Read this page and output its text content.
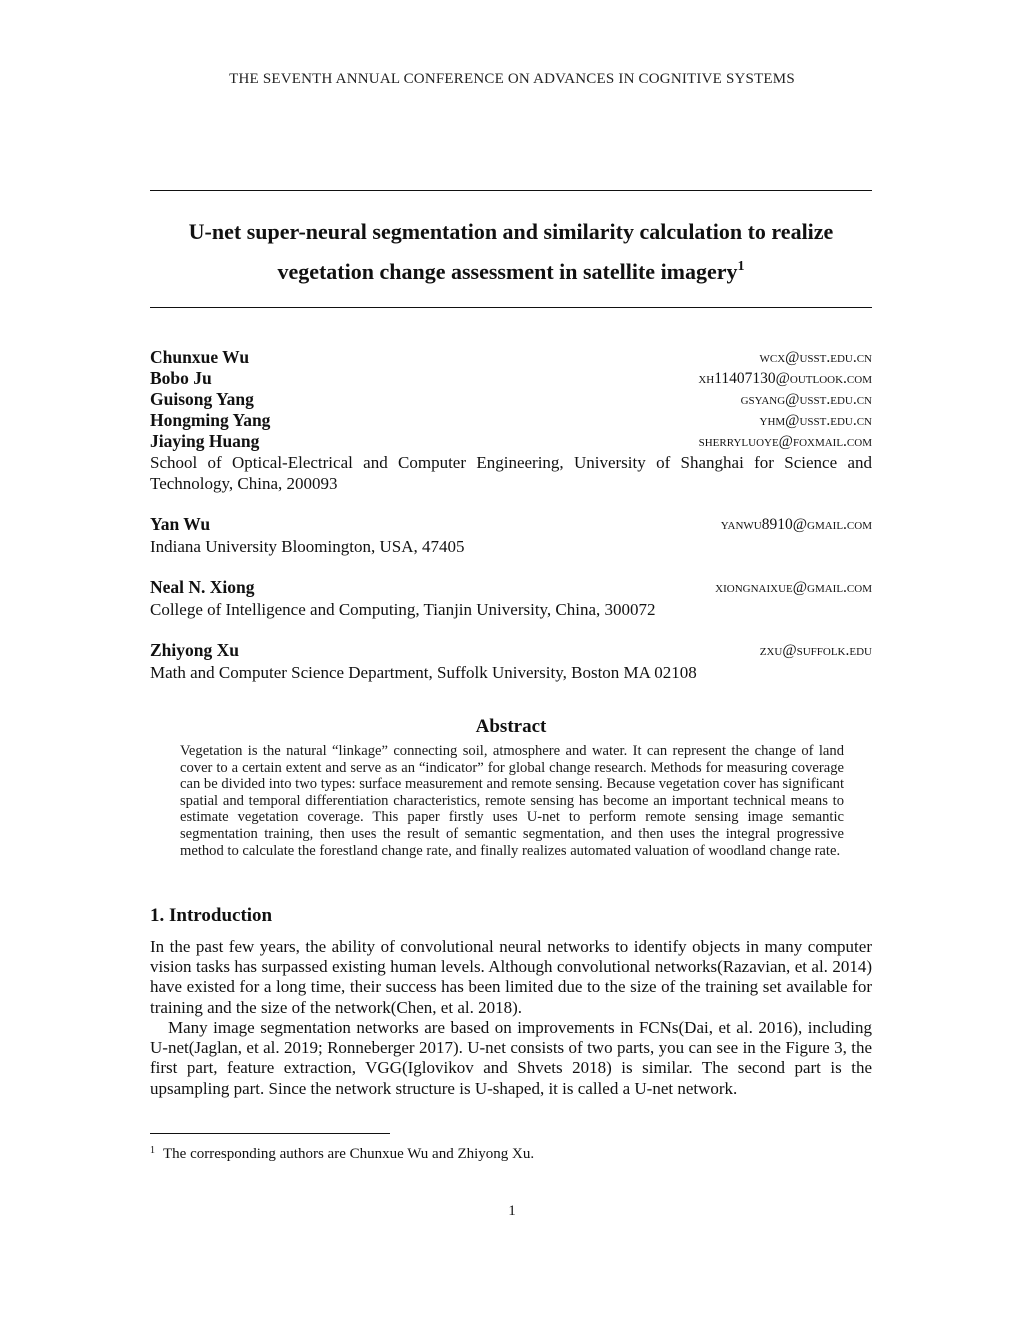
THE SEVENTH ANNUAL CONFERENCE ON ADVANCES IN COGNITIVE SYSTEMS
U-net super-neural segmentation and similarity calculation to realize
vegetation change assessment in satellite imagery$^1$
Chunxue Wu	wcx@usst.edu.cn
Bobo Ju	xh11407130@outlook.com
Guisong Yang	gsyang@usst.edu.cn
Hongming Yang	yhm@usst.edu.cn
Jiaying Huang	sherryluoye@foxmail.com
School of Optical-Electrical and Computer Engineering, University of Shanghai for Science and Technology, China, 200093
Yan Wu	yanwu8910@gmail.com
Indiana University Bloomington, USA, 47405
Neal N. Xiong	xiongnaixue@gmail.com
College of Intelligence and Computing, Tianjin University, China, 300072
Zhiyong Xu	zxu@suffolk.edu
Math and Computer Science Department, Suffolk University, Boston MA 02108
Abstract
Vegetation is the natural “linkage” connecting soil, atmosphere and water. It can represent the change of land cover to a certain extent and serve as an “indicator” for global change research. Methods for measuring coverage can be divided into two types: surface measurement and remote sensing. Because vegetation cover has significant spatial and temporal differentiation characteristics, remote sensing has become an important technical means to estimate vegetation coverage. This paper firstly uses U-net to perform remote sensing image semantic segmentation training, then uses the result of semantic segmentation, and then uses the integral progressive method to calculate the forestland change rate, and finally realizes automated valuation of woodland change rate.
1. Introduction
In the past few years, the ability of convolutional neural networks to identify objects in many computer vision tasks has surpassed existing human levels. Although convolutional networks(Razavian, et al. 2014) have existed for a long time, their success has been limited due to the size of the training set available for training and the size of the network(Chen, et al. 2018).
Many image segmentation networks are based on improvements in FCNs(Dai, et al. 2016), including U-net(Jaglan, et al. 2019; Ronneberger 2017). U-net consists of two parts, you can see in the Figure 3, the first part, feature extraction, VGG(Iglovikov and Shvets 2018) is similar. The second part is the upsampling part. Since the network structure is U-shaped, it is called a U-net network.
$^1$ The corresponding authors are Chunxue Wu and Zhiyong Xu.
1
